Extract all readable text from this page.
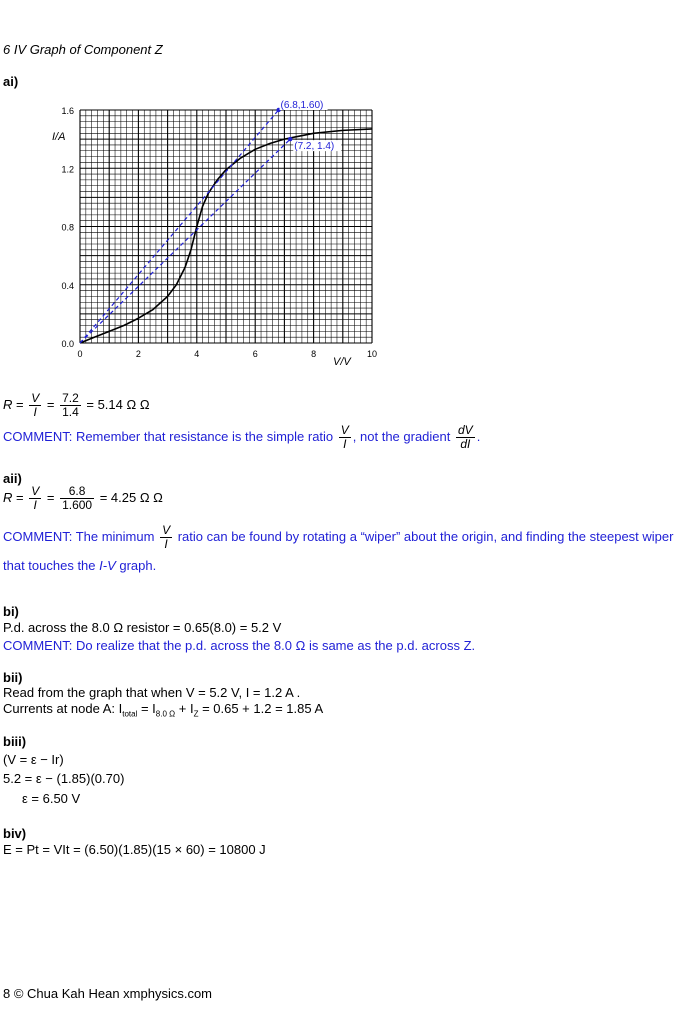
6 IV Graph of Component Z
ai)
0.0
0.4
0.8
1.2
1.6
0	2	4	6	8	10
I/A
V/V
(6.8,1.60)
(7.2, 1.4)
$R = \frac{V}{I} = \frac{7.2}{1.4} = 5.14$ Ω Ω
COMMENT: Remember that resistance is the simple ratio $\frac{V}{I}$ , not the gradient $\frac{dV}{dI}$ .
aii)
$R = \frac{V}{I} = \frac{6.8}{1.600} = 4.25$ Ω Ω
COMMENT: The minimum $\frac{V}{I}$ ratio can be found by rotating a “wiper” about the origin, and finding the steepest wiper
that touches the I-V graph.
bi)
P.d. across the 8.0 Ω resistor = 0.65(8.0) = 5.2 V
COMMENT: Do realize that the p.d. across the 8.0 Ω is same as the p.d. across Z.
bii)
Read from the graph that when V = 5.2 V, I = 1.2 A .
Currents at node A: $I_{total} = I_{8.0 \Omega} + I_Z = 0.65 + 1.2 = 1.85$ A
biii)
(V = ε − Ir)
5.2 = ε − (1.85)(0.70)
ε = 6.50 V
biv)
E = Pt = VIt = (6.50)(1.85)(15 × 60) = 10800 J
8 © Chua Kah Hean xmphysics.com
